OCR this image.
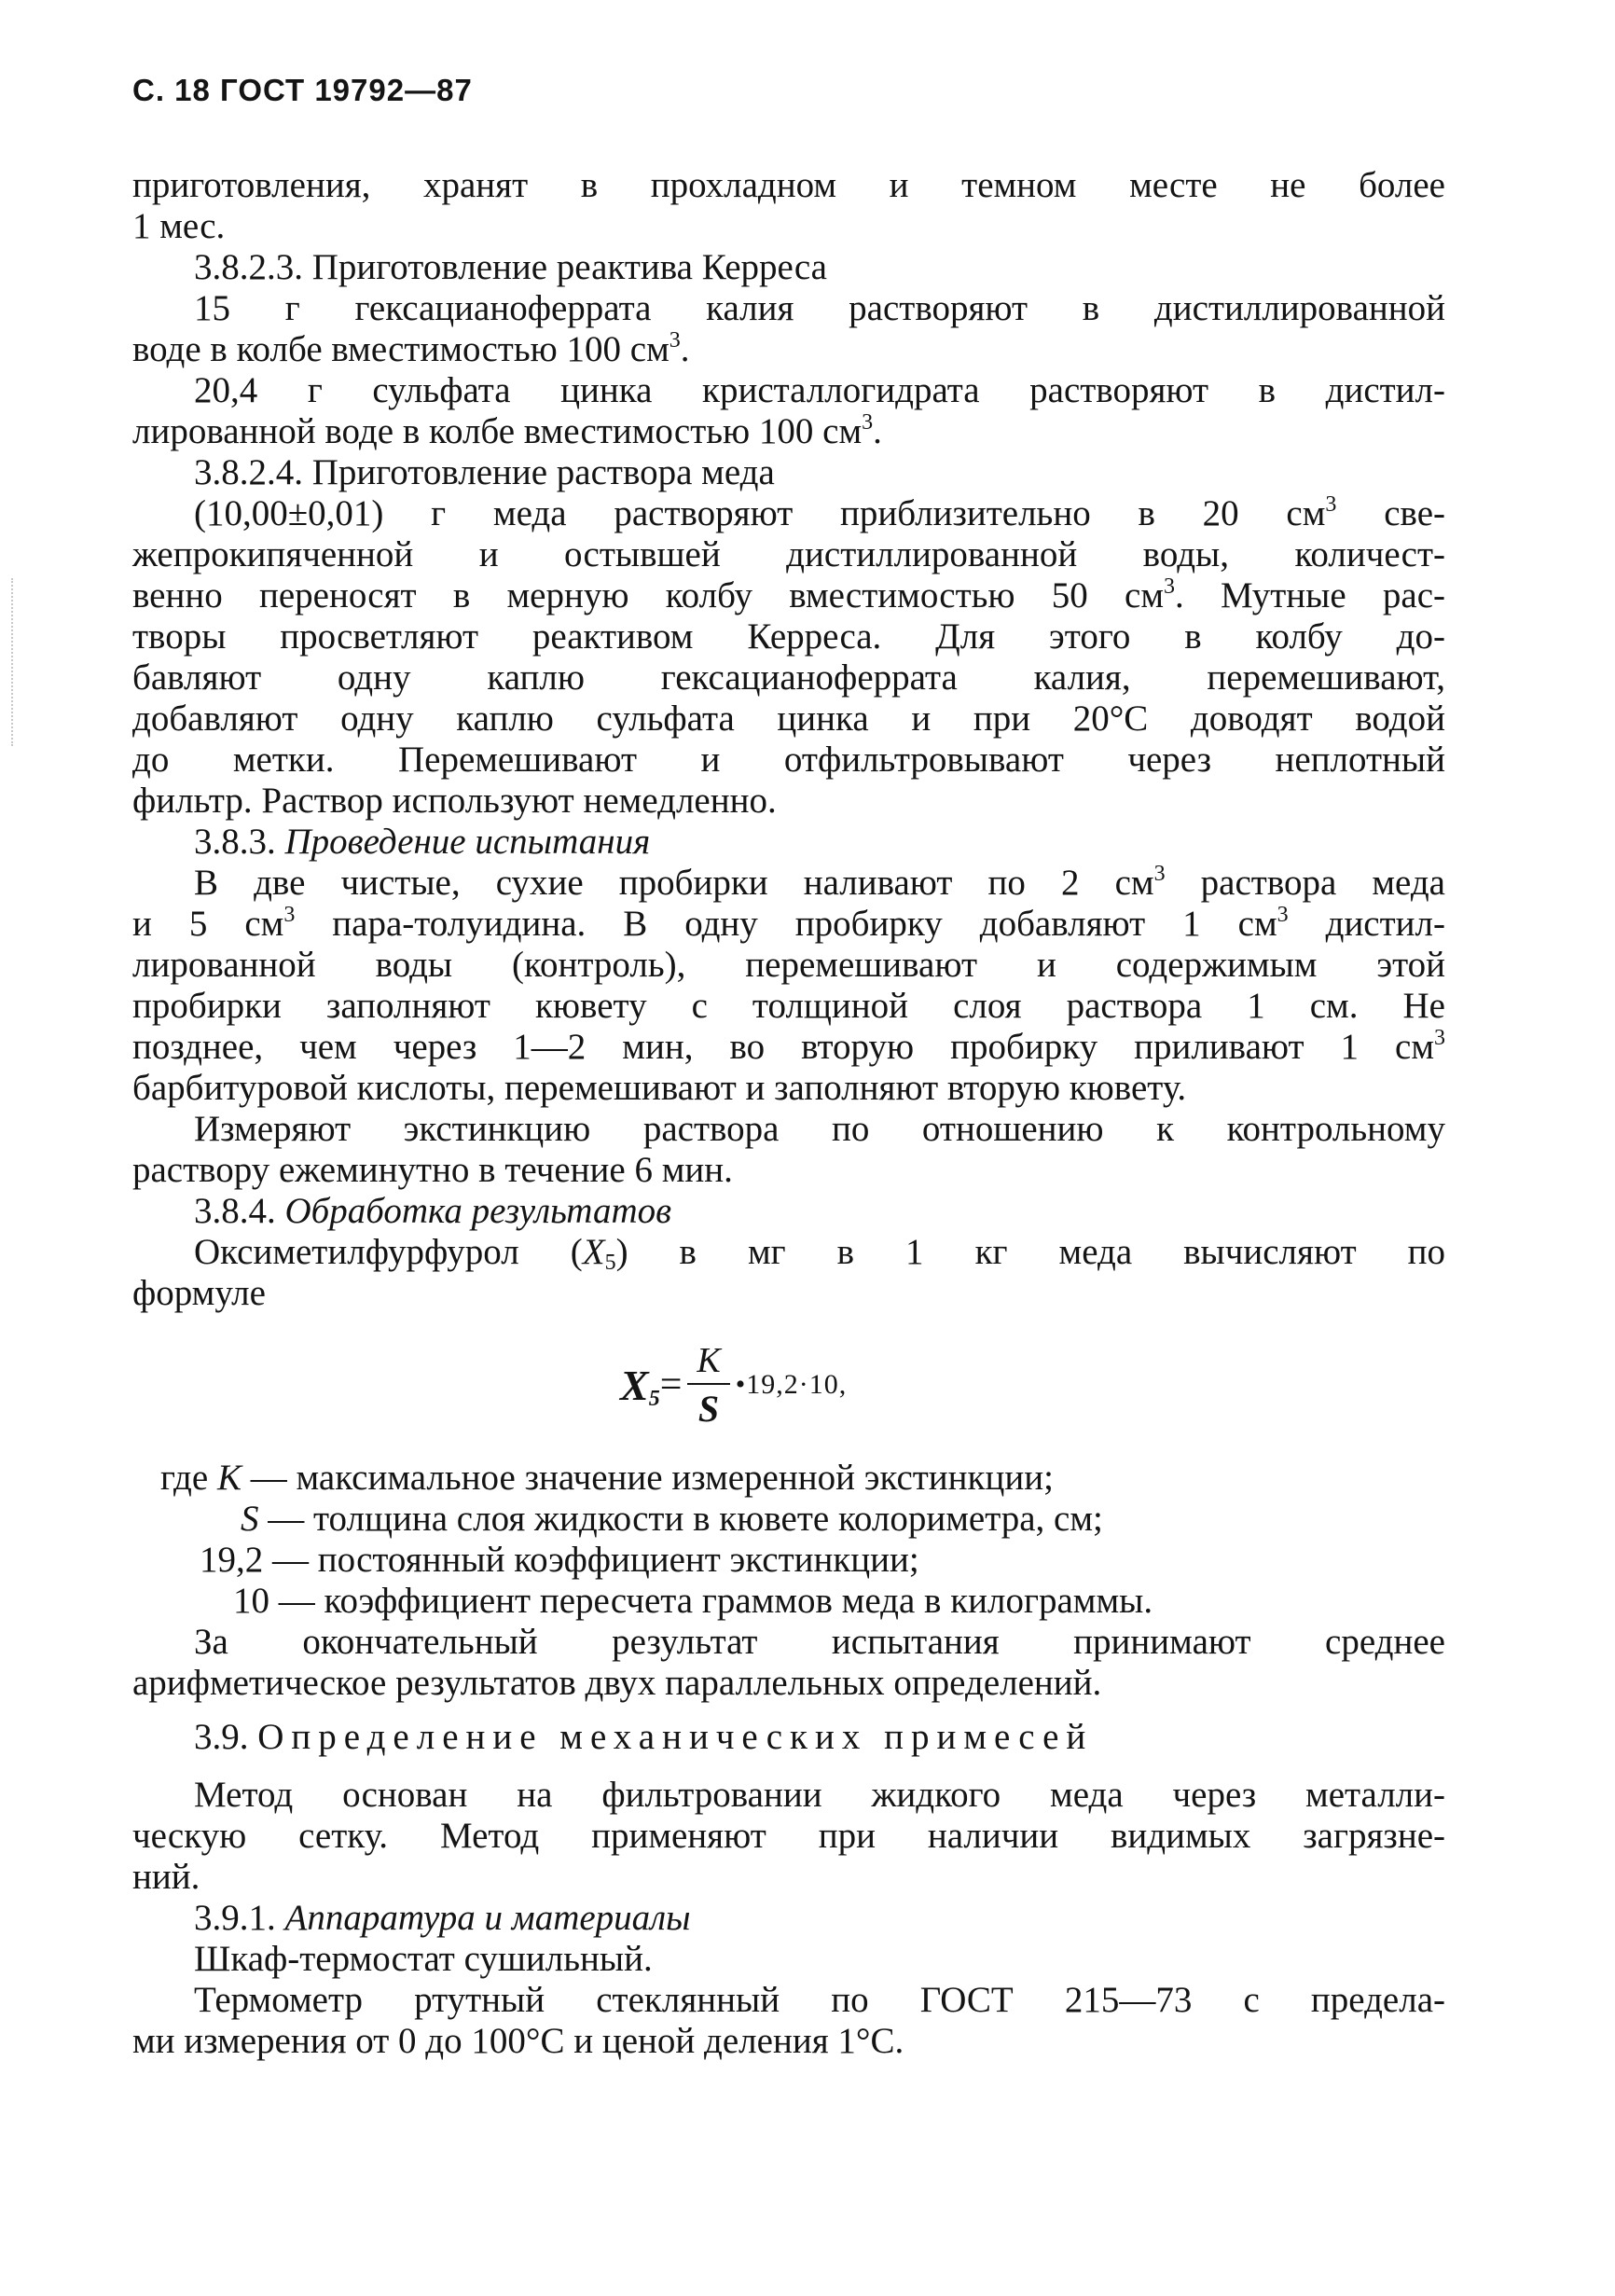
С. 18 ГОСТ 19792—87
приготовления, хранят в прохладном и темном месте не более
1 мес.
3.8.2.3. Приготовление реактива Керреса
15 г гексацианоферрата калия растворяют в дистиллированной
воде в колбе вместимостью 100 $см^3$.
20,4 г сульфата цинка кристаллогидрата растворяют в дистил-
лированной воде в колбе вместимостью 100 $см^3$.
3.8.2.4. Приготовление раствора меда
(10,00±0,01) г меда растворяют приблизительно в 20 $см^3$ све-
жепрокипяченной и остывшей дистиллированной воды, количест-
венно переносят в мерную колбу вместимостью 50 $см^3$. Мутные рас-
творы просветляют реактивом Керреса. Для этого в колбу до-
бавляют одну каплю гексацианоферрата калия, перемешивают,
добавляют одну каплю сульфата цинка и при 20°C доводят водой
до метки. Перемешивают и отфильтровывают через неплотный
фильтр. Раствор используют немедленно.
3.8.3. Проведение испытания
В две чистые, сухие пробирки наливают по 2 $см^3$ раствора меда
и 5 $см^3$ пара-толуидина. В одну пробирку добавляют 1 $см^3$ дистил-
лированной воды (контроль), перемешивают и содержимым этой
пробирки заполняют кювету с толщиной слоя раствора 1 см. Не
позднее, чем через 1—2 мин, во вторую пробирку приливают 1 $см^3$
барбитуровой кислоты, перемешивают и заполняют вторую кювету.
Измеряют экстинкцию раствора по отношению к контрольному
раствору ежеминутно в течение 6 мин.
3.8.4. Обработка результатов
Оксиметилфурфурол $(X_5)$ в мг в 1 кг меда вычисляют по
формуле
$X_5 = \frac{K}{S}$ •19,2·10,
где K — максимальное значение измеренной экстинкции;
S — толщина слоя жидкости в кювете колориметра, см;
19,2 — постоянный коэффициент экстинкции;
10 — коэффициент пересчета граммов меда в килограммы.
За окончательный результат испытания принимают среднее
арифметическое результатов двух параллельных определений.
3.9. Определение механических примесей
Метод основан на фильтровании жидкого меда через металли-
ческую сетку. Метод применяют при наличии видимых загрязне-
ний.
3.9.1. Аппаратура и материалы
Шкаф-термостат сушильный.
Термометр ртутный стеклянный по ГОСТ 215—73 с предела-
ми измерения от 0 до 100°C и ценой деления 1°C.
